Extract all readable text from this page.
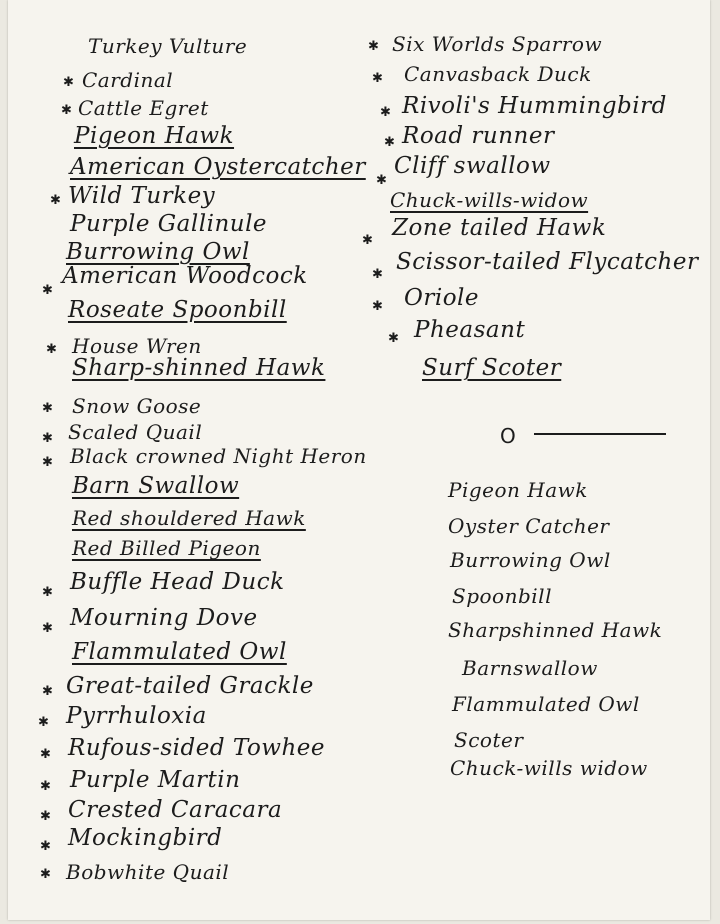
Turkey Vulture
✱ Cardinal
✱ Cattle Egret
Pigeon Hawk
American Oystercatcher
✱ Wild Turkey
Purple Gallinule
Burrowing Owl
✱
American Woodcock
Roseate Spoonbill
✱ House Wren
Sharp-shinned Hawk
✱ Snow Goose
✱ Scaled Quail
✱ Black crowned Night Heron
Barn Swallow
Red shouldered Hawk
Red Billed Pigeon
✱ Buffle Head Duck
✱ Mourning Dove
Flammulated Owl
✱ Great-tailed Grackle
✱ Pyrrhuloxia
✱ Rufous-sided Towhee
✱ Purple Martin
✱ Crested Caracara
✱ Mockingbird
✱ Bobwhite Quail
✱ Six Worlds Sparrow
✱ Canvasback Duck
✱ Rivoli's Hummingbird
✱ Road runner
✱
Cliff swallow
Chuck-wills-widow
✱ Zone tailed Hawk
✱ Scissor-tailed Flycatcher
✱ Oriole
✱ Pheasant
Surf Scoter
O
Pigeon Hawk
Oyster Catcher
Burrowing Owl
Spoonbill
Sharpshinned Hawk
Barnswallow
Flammulated Owl
Scoter
Chuck-wills widow
